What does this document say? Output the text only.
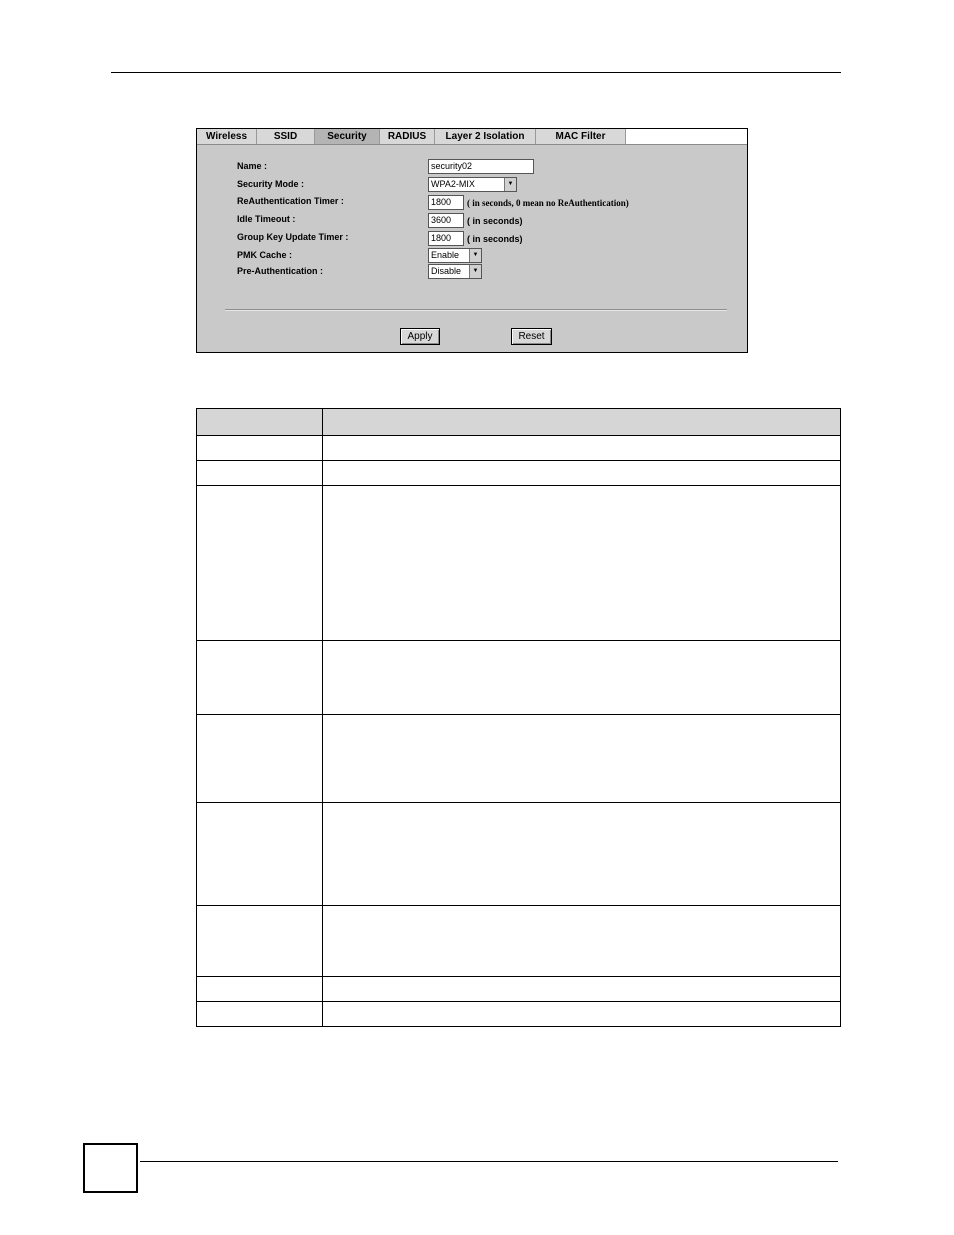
Wireless	SSID	Security	RADIUS	Layer 2 Isolation	MAC Filter
Name :	security02
Security Mode :	WPA2-MIX	▼
ReAuthentication Timer :	1800	( in seconds, 0 mean no ReAuthentication)
Idle Timeout :	3600	( in seconds)
Group Key Update Timer :	1800	( in seconds)
PMK Cache :	Enable	▼
Pre-Authentication :	Disable	▼
Apply	Reset
